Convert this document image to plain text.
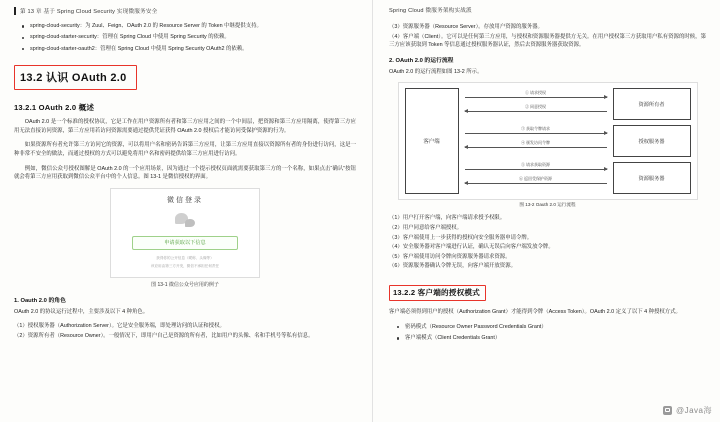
第 13 章 基于 Spring Cloud Security 实现微服务安全
spring-cloud-security：为 Zuul、Feign、OAuth 2.0 的 Resource Server 的 Token 中继提供支持。
spring-cloud-starter-security：管理在 Spring Cloud 中使用 Spring Security 的依赖。
spring-cloud-starter-oauth2：管理在 Spring Cloud 中使用 Spring Security OAuth2 的依赖。
13.2 认识 OAuth 2.0
13.2.1 OAuth 2.0 概述

OAuth 2.0 是一个标准的授权协议，它是工作在用户资源所有者和第三方应用之间的一个中间层，把资源和第三方应用隔离，使得第三方应用无法直接访问资源，第三方应用若访问资源需要通过提供凭证获得 OAuth 2.0 授权后才能访问受保护资源的行为。

如果资源所有者允许第三方访问它的资源，可以将用户名和密码告诉第三方应用，让第三方应用直接以资源所有者的身份进行访问，这是一种非常不安全的做法，而通过授权的方式可以避免将用户名和密码提供给第三方应用进行访问。

例如，微信公众号授权图解是 OAuth 2.0 的一个应用场景，因为通过一个提示授权页面就需要获取第三方的一个名称，如果点击“确认”按钮就会将第三方应用获取到微信公众平台中的个人信息。图 13-1 是微信授权的界面。

微信登录
申请获取以下信息
获得你的公开信息（昵称、头像等）
该应用由第三方开发，微信不承担任何责任
图 13-1 微信公众号应用的例子
1. Oauth 2.0 的角色

OAuth 2.0 的协议运行过程中，主要涉及以下 4 种角色。

（1）授权服务器（Authorization Server）。它是安全服务端，即处理访问的认证和授权。
（2）资源所有者（Resource Owner）。一般情况下，即用户自己是资源的所有者，比如用户的头像、名和手机号等私有信息。
Spring Cloud 微服务架构实战派
（3）资源服务器（Resource Server）。存放用户资源的服务器。
（4）客户端（Client）。它可以是任何第三方应用，与授权和资源服务器提供方无关。在用户授权第三方获取用户私有资源的时候，第三方应该获取到 Token 等信息通过授权服务器认证，然后去资源服务器获取资源。
2. OAuth 2.0 的运行流程

OAuth 2.0 的运行流程如图 13-2 所示。

客户端
① 请求授权
② 同意授权
③ 获取令牌请求
④ 颁发访问令牌
⑤ 请求获取资源
⑥ 返回受保护资源
资源所有者
授权服务器
资源服务器
图 13-2 Oauth 2.0 运行流程
（1）用户打开客户端，向客户端请求授予权限。
（2）用户同意给客户端授权。
（3）客户端使用上一步获得的授权向安全服务器申请令牌。
（4）安全服务器对客户端进行认证，确认无误后向客户端发放令牌。
（5）客户端使用访问令牌向资源服务器请求资源。
（6）资源服务器确认令牌无误，向客户端开放资源。
13.2.2 客户端的授权模式

客户端必须得到用户的授权（Authorization Grant）才能得到令牌（Access Token）。OAuth 2.0 定义了以下 4 种授权方式。

密码模式（Resource Owner Password Credentials Grant）
客户端模式（Client Credentials Grant）
@Java海
